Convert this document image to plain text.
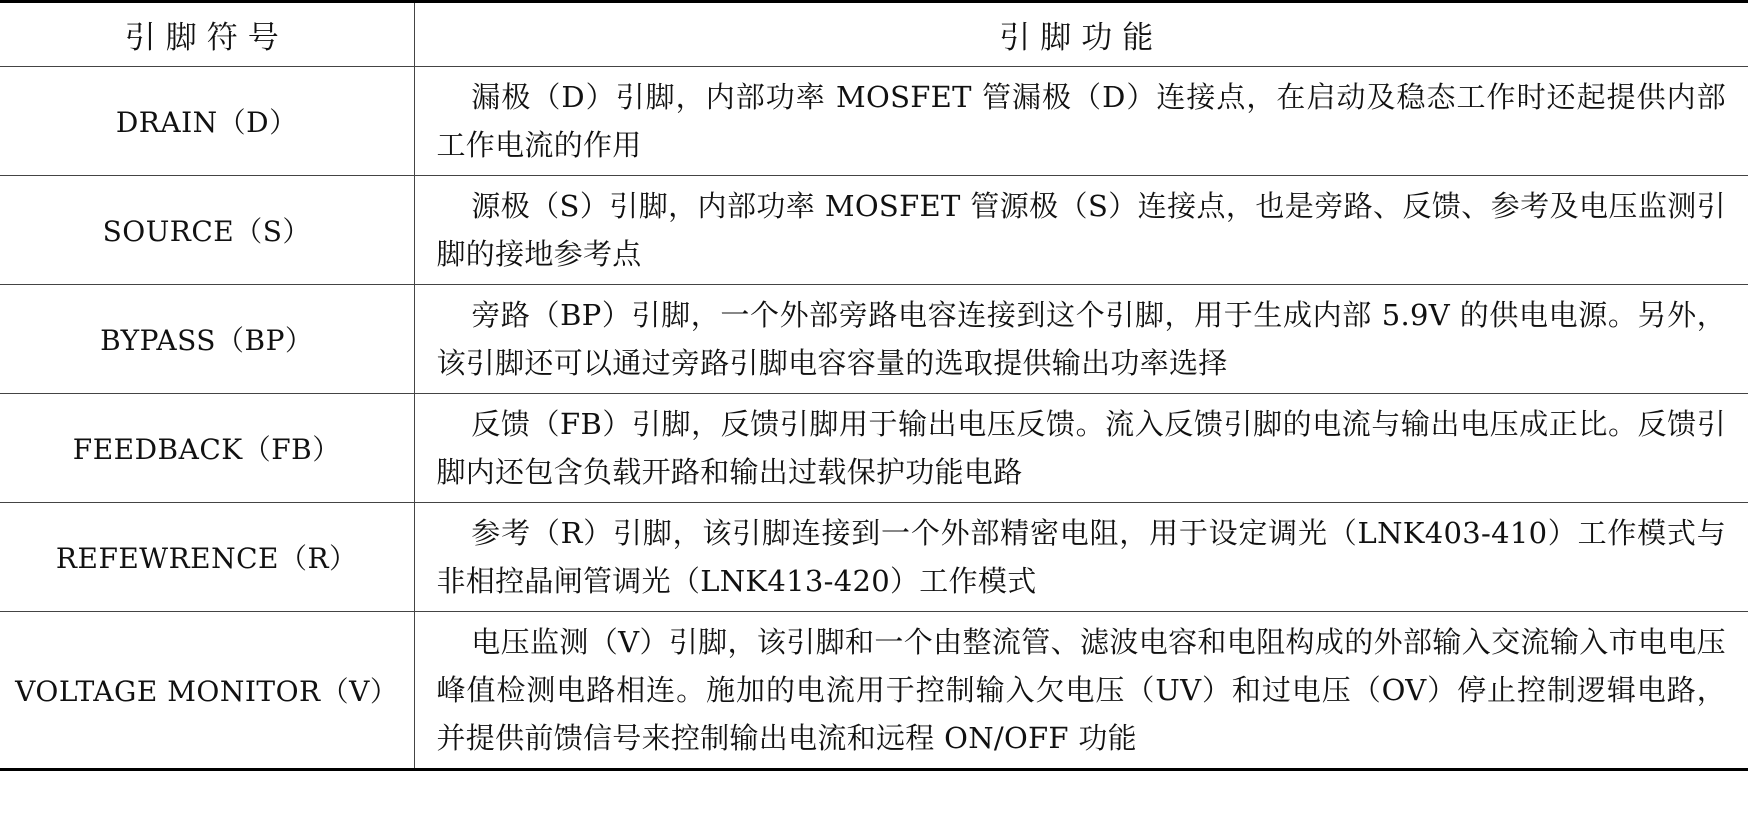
引脚符号	引脚功能
DRAIN（D）	漏极（D）引脚，内部功率 MOSFET 管漏极（D）连接点，在启动及稳态工作时还起提供内部工作电流的作用
SOURCE（S）	源极（S）引脚，内部功率 MOSFET 管源极（S）连接点，也是旁路、反馈、参考及电压监测引脚的接地参考点
BYPASS（BP）	旁路（BP）引脚，一个外部旁路电容连接到这个引脚，用于生成内部 5.9V 的供电电源。另外，该引脚还可以通过旁路引脚电容容量的选取提供输出功率选择
FEEDBACK（FB）	反馈（FB）引脚，反馈引脚用于输出电压反馈。流入反馈引脚的电流与输出电压成正比。反馈引脚内还包含负载开路和输出过载保护功能电路
REFEWRENCE（R）	参考（R）引脚，该引脚连接到一个外部精密电阻，用于设定调光（LNK403-410）工作模式与非相控晶闸管调光（LNK413-420）工作模式
VOLTAGE MONITOR（V）	电压监测（V）引脚，该引脚和一个由整流管、滤波电容和电阻构成的外部输入交流输入市电电压峰值检测电路相连。施加的电流用于控制输入欠电压（UV）和过电压（OV）停止控制逻辑电路，并提供前馈信号来控制输出电流和远程 ON/OFF 功能
